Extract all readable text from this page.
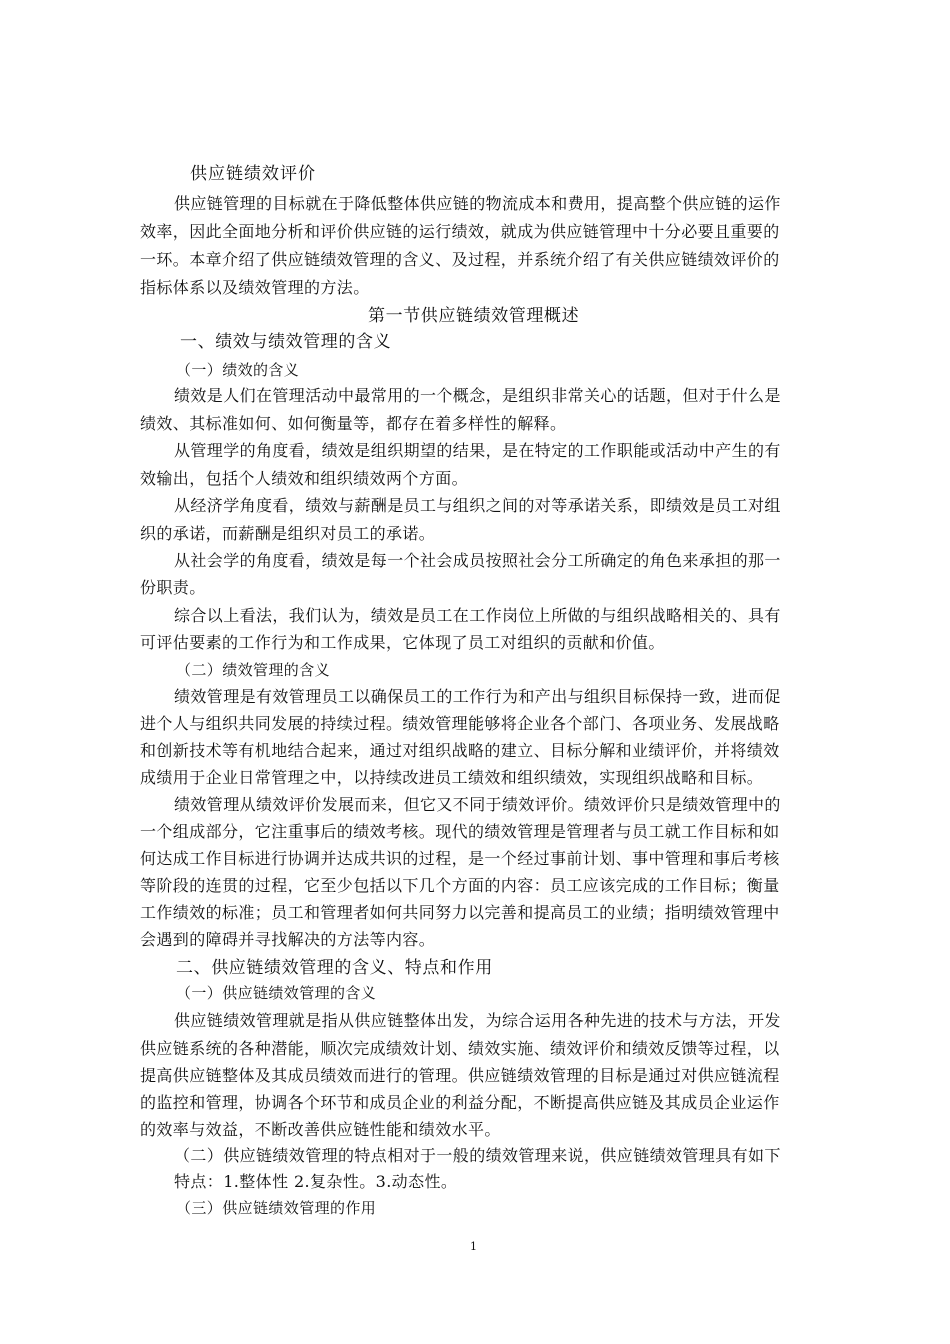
供应链绩效评价
供应链管理的目标就在于降低整体供应链的物流成本和费用，提高整个供应链的运作
效率，因此全面地分析和评价供应链的运行绩效，就成为供应链管理中十分必要且重要的
一环。本章介绍了供应链绩效管理的含义、及过程，并系统介绍了有关供应链绩效评价的
指标体系以及绩效管理的方法。
第一节供应链绩效管理概述
一、绩效与绩效管理的含义
（一）绩效的含义
绩效是人们在管理活动中最常用的一个概念，是组织非常关心的话题，但对于什么是
绩效、其标准如何、如何衡量等，都存在着多样性的解释。
从管理学的角度看，绩效是组织期望的结果，是在特定的工作职能或活动中产生的有
效输出，包括个人绩效和组织绩效两个方面。
从经济学角度看，绩效与薪酬是员工与组织之间的对等承诺关系，即绩效是员工对组
织的承诺，而薪酬是组织对员工的承诺。
从社会学的角度看，绩效是每一个社会成员按照社会分工所确定的角色来承担的那一
份职责。
综合以上看法，我们认为，绩效是员工在工作岗位上所做的与组织战略相关的、具有
可评估要素的工作行为和工作成果，它体现了员工对组织的贡献和价值。
（二）绩效管理的含义
绩效管理是有效管理员工以确保员工的工作行为和产出与组织目标保持一致，进而促
进个人与组织共同发展的持续过程。绩效管理能够将企业各个部门、各项业务、发展战略
和创新技术等有机地结合起来，通过对组织战略的建立、目标分解和业绩评价，并将绩效
成绩用于企业日常管理之中，以持续改进员工绩效和组织绩效，实现组织战略和目标。
绩效管理从绩效评价发展而来，但它又不同于绩效评价。绩效评价只是绩效管理中的
一个组成部分，它注重事后的绩效考核。现代的绩效管理是管理者与员工就工作目标和如
何达成工作目标进行协调并达成共识的过程，是一个经过事前计划、事中管理和事后考核
等阶段的连贯的过程，它至少包括以下几个方面的内容：员工应该完成的工作目标；衡量
工作绩效的标准；员工和管理者如何共同努力以完善和提高员工的业绩；指明绩效管理中
会遇到的障碍并寻找解决的方法等内容。
二、供应链绩效管理的含义、特点和作用
（一）供应链绩效管理的含义
供应链绩效管理就是指从供应链整体出发，为综合运用各种先进的技术与方法，开发
供应链系统的各种潜能，顺次完成绩效计划、绩效实施、绩效评价和绩效反馈等过程，以
提高供应链整体及其成员绩效而进行的管理。供应链绩效管理的目标是通过对供应链流程
的监控和管理，协调各个环节和成员企业的利益分配，不断提高供应链及其成员企业运作
的效率与效益，不断改善供应链性能和绩效水平。
（二）供应链绩效管理的特点相对于一般的绩效管理来说，供应链绩效管理具有如下
特点：1.整体性 2.复杂性。3.动态性。
（三）供应链绩效管理的作用
1
